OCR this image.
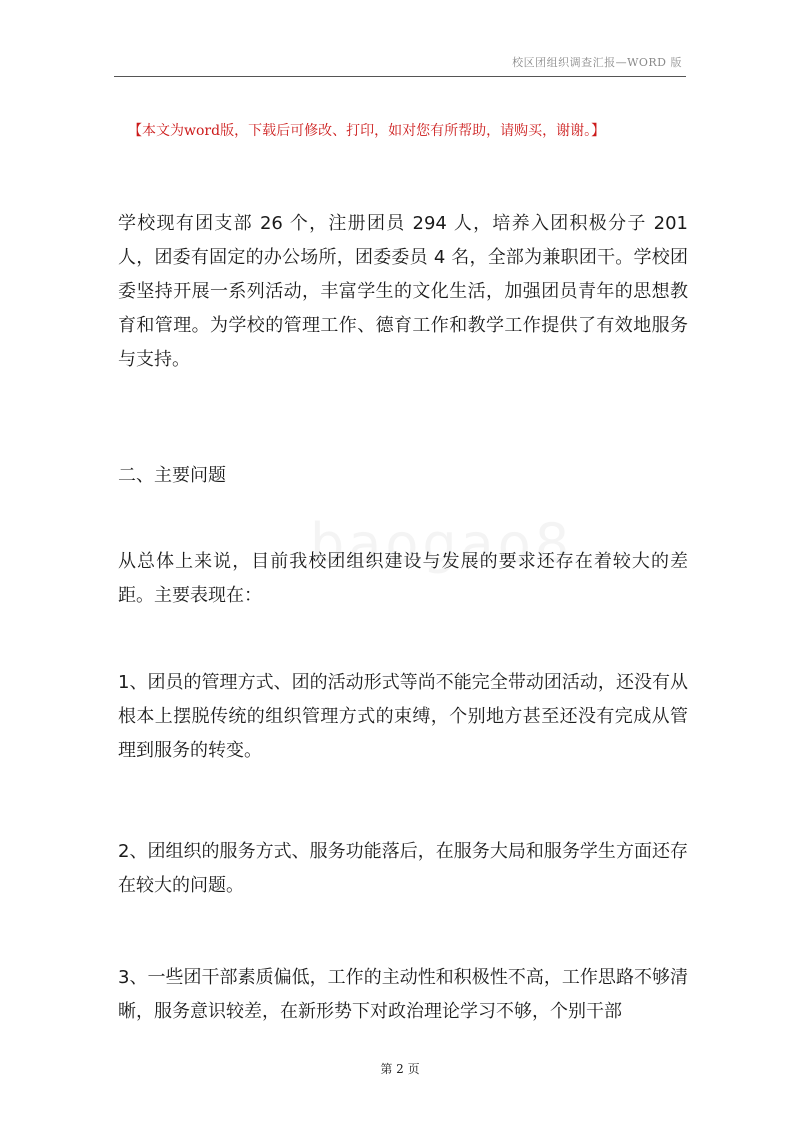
校区团组织调查汇报—WORD 版
【本文为word版，下载后可修改、打印，如对您有所帮助，请购买，谢谢。】

学校现有团支部 26 个，注册团员 294 人，培养入团积极分子 201 人，团委有固定的办公场所，团委委员 4 名，全部为兼职团干。学校团委坚持开展一系列活动，丰富学生的文化生活，加强团员青年的思想教育和管理。为学校的管理工作、德育工作和教学工作提供了有效地服务与支持。

二、主要问题

从总体上来说，目前我校团组织建设与发展的要求还存在着较大的差距。主要表现在：

1、团员的管理方式、团的活动形式等尚不能完全带动团活动，还没有从根本上摆脱传统的组织管理方式的束缚，个别地方甚至还没有完成从管理到服务的转变。

2、团组织的服务方式、服务功能落后，在服务大局和服务学生方面还存在较大的问题。

3、一些团干部素质偏低，工作的主动性和积极性不高，工作思路不够清晰，服务意识较差，在新形势下对政治理论学习不够，个别干部

第 2 页
